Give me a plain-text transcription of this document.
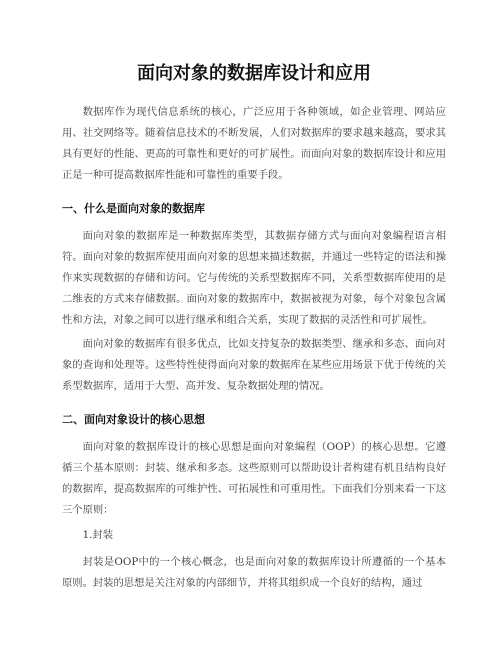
面向对象的数据库设计和应用

数据库作为现代信息系统的核心，广泛应用于各种领域，如企业管理、网站应用、社交网络等。随着信息技术的不断发展，人们对数据库的要求越来越高，要求其具有更好的性能、更高的可靠性和更好的可扩展性。而面向对象的数据库设计和应用正是一种可提高数据库性能和可靠性的重要手段。

一、什么是面向对象的数据库

面向对象的数据库是一种数据库类型，其数据存储方式与面向对象编程语言相符。面向对象的数据库使用面向对象的思想来描述数据，并通过一些特定的语法和操作来实现数据的存储和访问。它与传统的关系型数据库不同，关系型数据库使用的是二维表的方式来存储数据。面向对象的数据库中，数据被视为对象，每个对象包含属性和方法，对象之间可以进行继承和组合关系，实现了数据的灵活性和可扩展性。

面向对象的数据库有很多优点，比如支持复杂的数据类型、继承和多态、面向对象的查询和处理等。这些特性使得面向对象的数据库在某些应用场景下优于传统的关系型数据库，适用于大型、高并发、复杂数据处理的情况。

二、面向对象设计的核心思想

面向对象的数据库设计的核心思想是面向对象编程（OOP）的核心思想。它遵循三个基本原则：封装、继承和多态。这些原则可以帮助设计者构建有机且结构良好的数据库，提高数据库的可维护性、可拓展性和可重用性。下面我们分别来看一下这三个原则：

1.封装

封装是OOP中的一个核心概念，也是面向对象的数据库设计所遵循的一个基本原则。封装的思想是关注对象的内部细节，并将其组织成一个良好的结构，通过
